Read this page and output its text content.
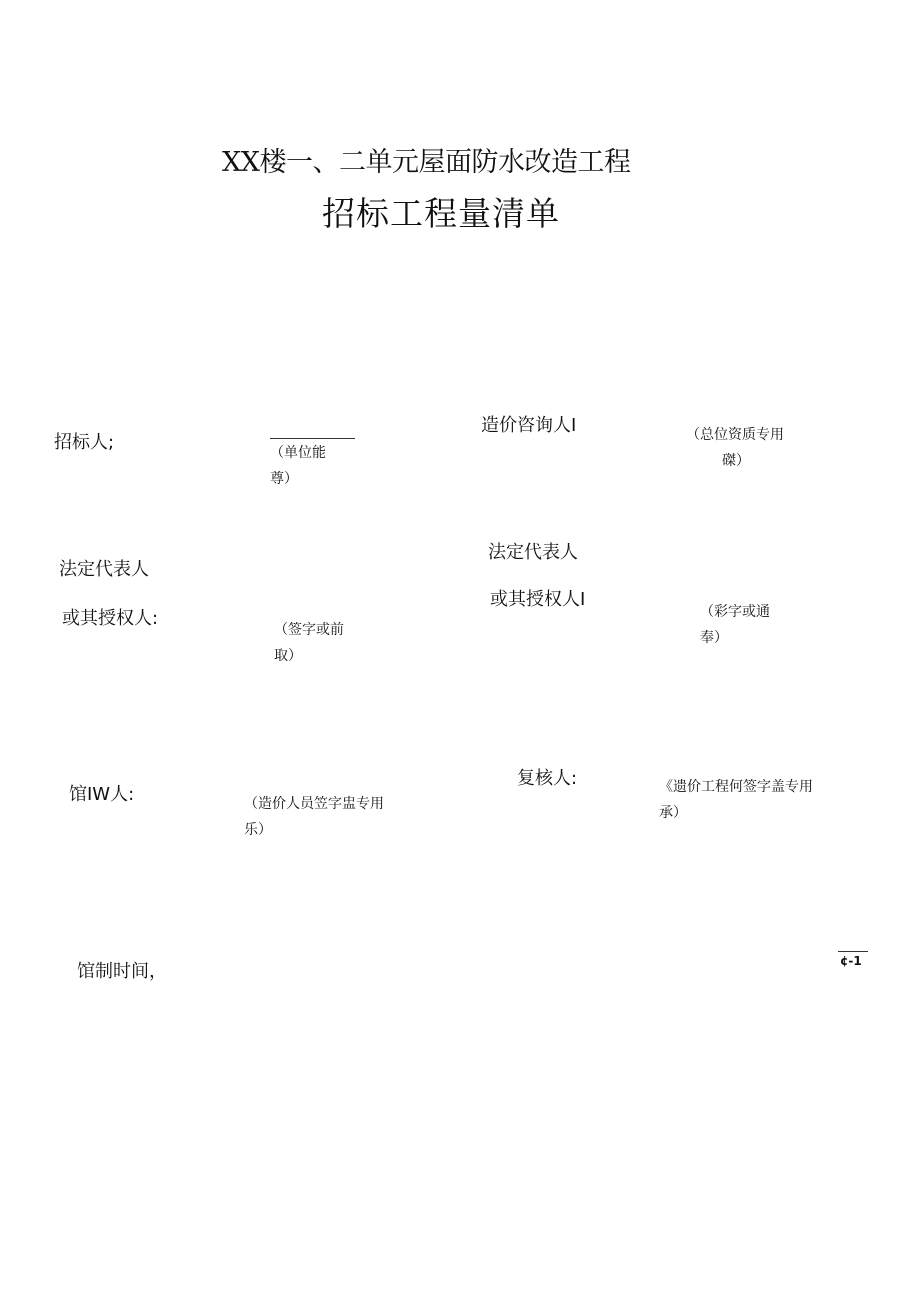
XX楼一、二单元屋面防水改造工程
招标工程量清单
招标人;	（单位能
尊）
造价咨询人I	（总位资质专用
磔）
法定代表人
或其授权人:
（签字或前
取）
法定代表人
或其授权人I
（彩字或通
奉）
馆IW人:	（造价人员笠字盅专用
乐）
复核人:	《遗价工程何签字盖专用
承）
馆制时间，	¢-1
